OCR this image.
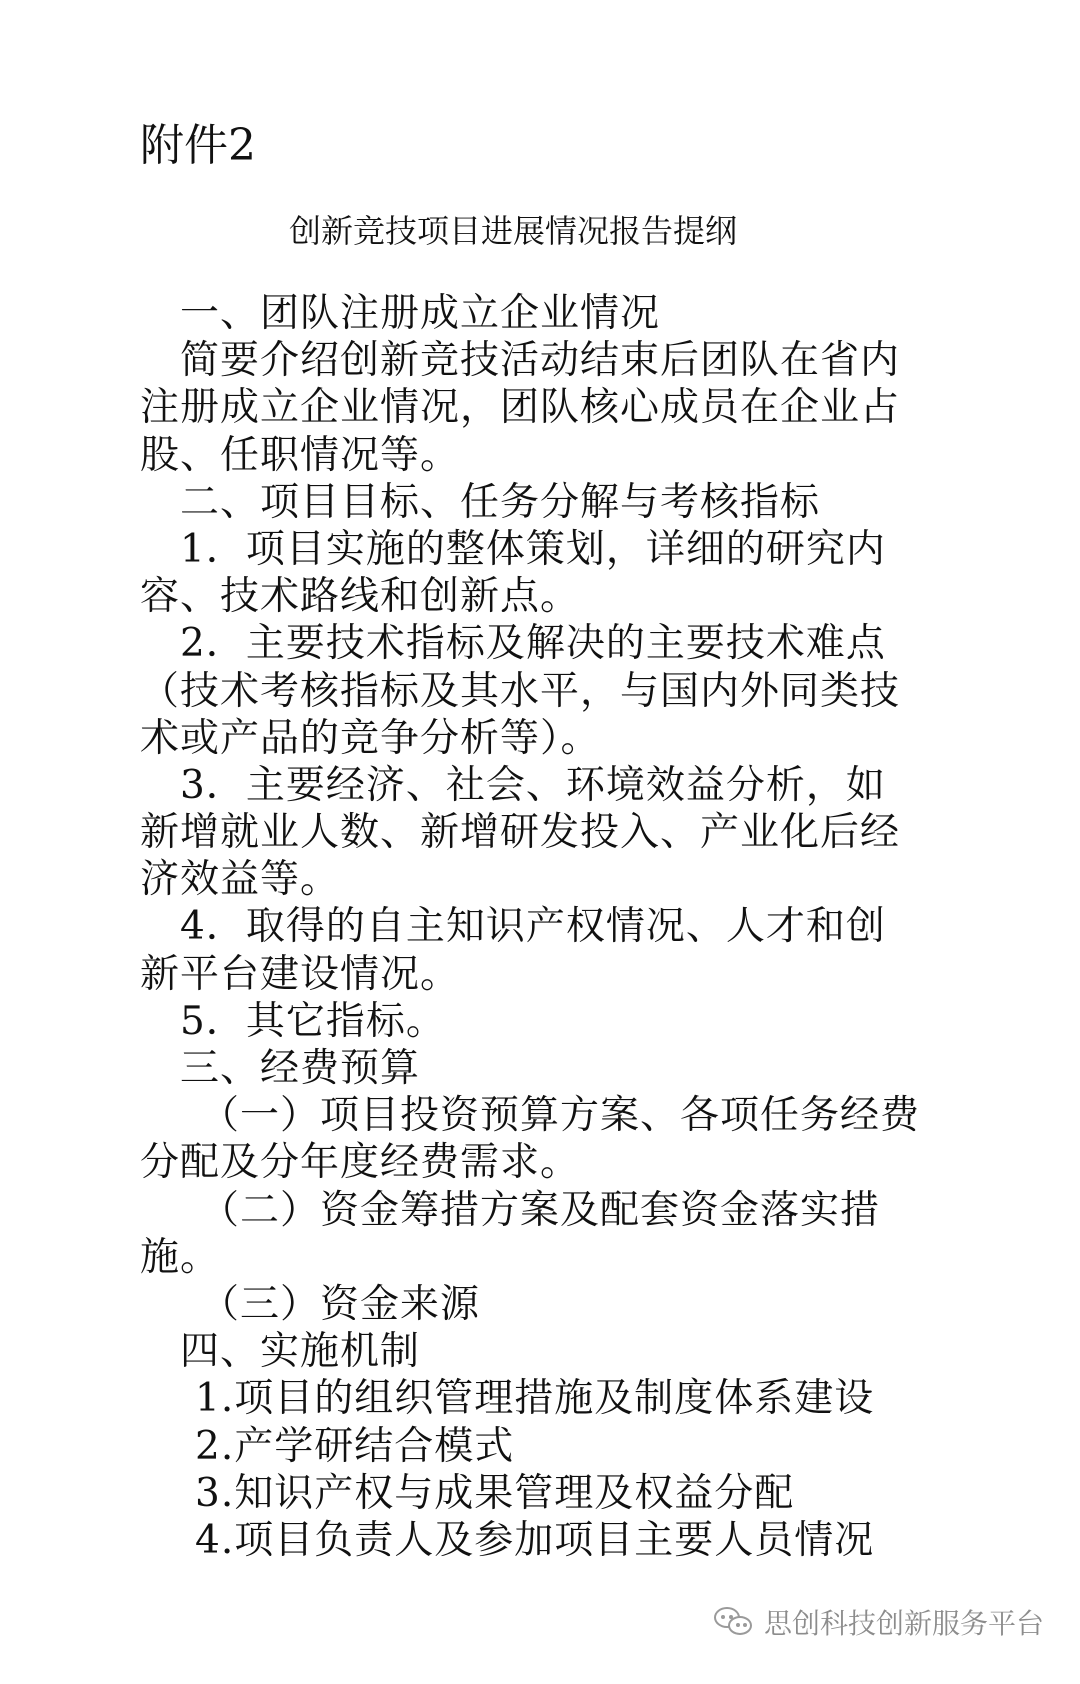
附件2
创新竞技项目进展情况报告提纲
一、团队注册成立企业情况
简要介绍创新竞技活动结束后团队在省内
注册成立企业情况，团队核心成员在企业占
股、任职情况等。
二、项目目标、任务分解与考核指标
1．项目实施的整体策划，详细的研究内
容、技术路线和创新点。
2．主要技术指标及解决的主要技术难点
（技术考核指标及其水平，与国内外同类技
术或产品的竞争分析等）。
3．主要经济、社会、环境效益分析，如
新增就业人数、新增研发投入、产业化后经
济效益等。
4．取得的自主知识产权情况、人才和创
新平台建设情况。
5．其它指标。
三、经费预算
（一）项目投资预算方案、各项任务经费
分配及分年度经费需求。
（二）资金筹措方案及配套资金落实措
施。
（三）资金来源
四、实施机制
1.项目的组织管理措施及制度体系建设
2.产学研结合模式
3.知识产权与成果管理及权益分配
4.项目负责人及参加项目主要人员情况
思创科技创新服务平台
